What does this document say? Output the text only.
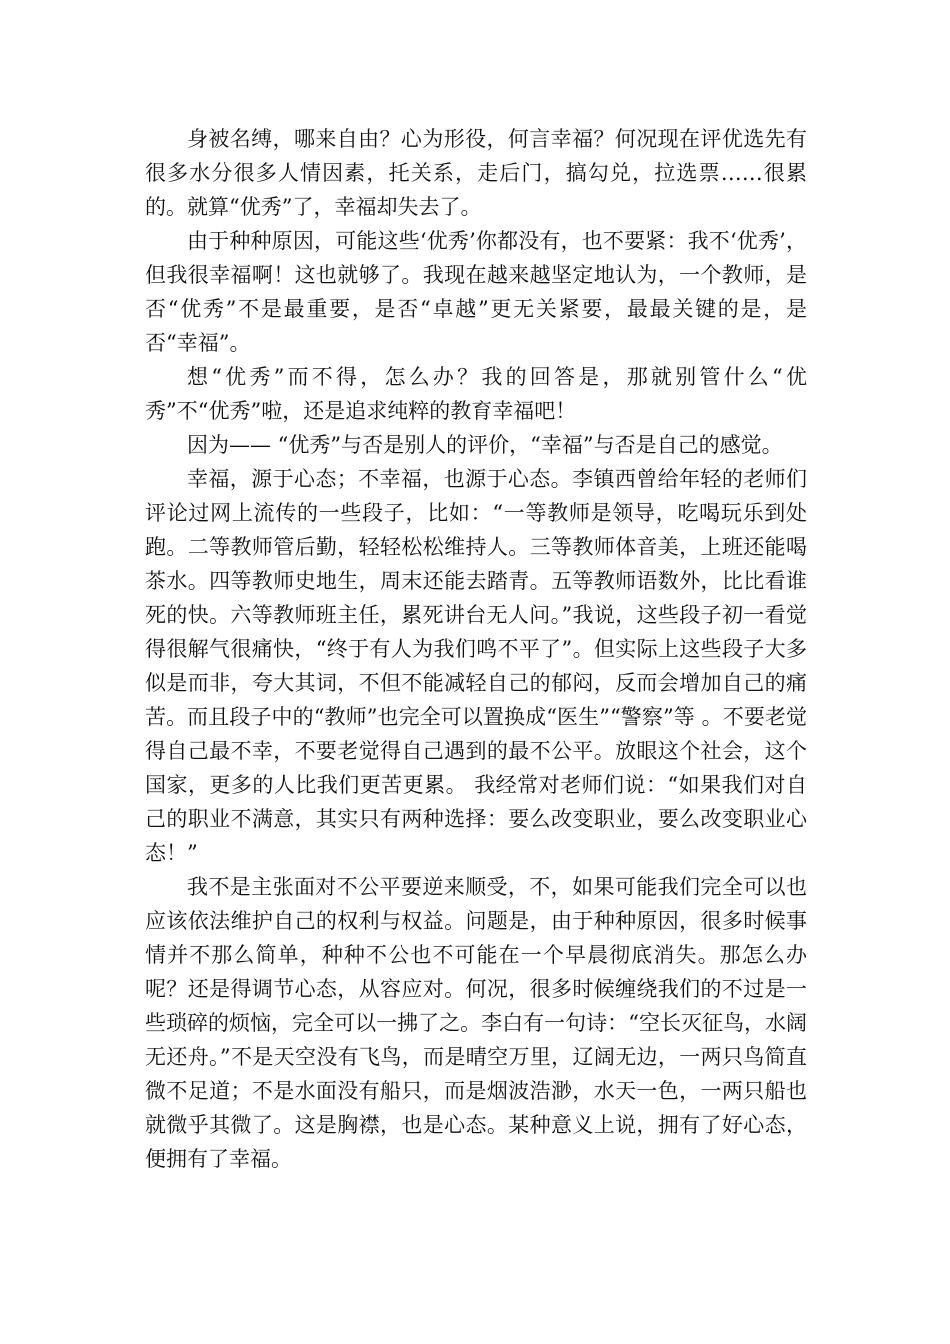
身被名缚，哪来自由？心为形役，何言幸福？何况现在评优选先有很多水分很多人情因素，托关系，走后门，搞勾兑，拉选票……很累的。就算“优秀”了，幸福却失去了。

由于种种原因，可能这些‘优秀’你都没有，也不要紧：我不‘优秀’，但我很幸福啊！这也就够了。我现在越来越坚定地认为，一个教师，是否“优秀”不是最重要，是否“卓越”更无关紧要，最最关键的是，是否“幸福”。

想“优秀”而不得，怎么办？我的回答是，那就别管什么“优秀”不“优秀”啦，还是追求纯粹的教育幸福吧！

因为—— “优秀”与否是别人的评价，“幸福”与否是自己的感觉。

幸福，源于心态；不幸福，也源于心态。李镇西曾给年轻的老师们评论过网上流传的一些段子，比如：“一等教师是领导，吃喝玩乐到处跑。二等教师管后勤，轻轻松松维持人。三等教师体音美，上班还能喝茶水。四等教师史地生，周末还能去踏青。五等教师语数外，比比看谁死的快。六等教师班主任，累死讲台无人问。”我说，这些段子初一看觉得很解气很痛快，“终于有人为我们鸣不平了”。但实际上这些段子大多似是而非，夸大其词，不但不能减轻自己的郁闷，反而会增加自己的痛苦。而且段子中的“教师”也完全可以置换成“医生”“警察”等 。不要老觉得自己最不幸，不要老觉得自己遇到的最不公平。放眼这个社会，这个国家，更多的人比我们更苦更累。 我经常对老师们说：“如果我们对自己的职业不满意，其实只有两种选择：要么改变职业，要么改变职业心态！”

我不是主张面对不公平要逆来顺受，不，如果可能我们完全可以也应该依法维护自己的权利与权益。问题是，由于种种原因，很多时候事情并不那么简单，种种不公也不可能在一个早晨彻底消失。那怎么办呢？还是得调节心态，从容应对。何况，很多时候缠绕我们的不过是一些琐碎的烦恼，完全可以一拂了之。李白有一句诗：“空长灭征鸟，水阔无还舟。”不是天空没有飞鸟，而是晴空万里，辽阔无边，一两只鸟简直微不足道；不是水面没有船只，而是烟波浩渺，水天一色，一两只船也就微乎其微了。这是胸襟，也是心态。某种意义上说，拥有了好心态，便拥有了幸福。
